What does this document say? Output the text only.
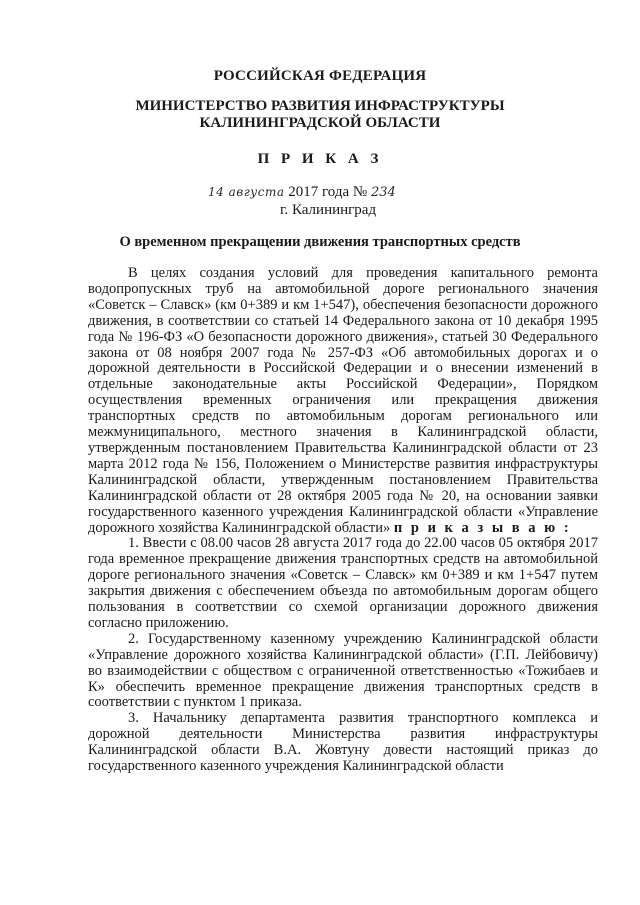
РОССИЙСКАЯ ФЕДЕРАЦИЯ
МИНИСТЕРСТВО РАЗВИТИЯ ИНФРАСТРУКТУРЫ
КАЛИНИНГРАДСКОЙ ОБЛАСТИ
П Р И К А З
14 августа 2017 года № 234
г. Калининград
О временном прекращении движения транспортных средств

В целях создания условий для проведения капитального ремонта водопропускных труб на автомобильной дороге регионального значения «Советск – Славск» (км 0+389 и км 1+547), обеспечения безопасности дорожного движения, в соответствии со статьей 14 Федерального закона от 10 декабря 1995 года № 196-ФЗ «О безопасности дорожного движения», статьей 30 Федерального закона от 08 ноября 2007 года № 257-ФЗ «Об автомобильных дорогах и о дорожной деятельности в Российской Федерации и о внесении изменений в отдельные законодательные акты Российской Федерации», Порядком осуществления временных ограничения или прекращения движения транспортных средств по автомобильным дорогам регионального или межмуниципального, местного значения в Калининградской области, утвержденным постановлением Правительства Калининградской области от 23 марта 2012 года № 156, Положением о Министерстве развития инфраструктуры Калининградской области, утвержденным постановлением Правительства Калининградской области от 28 октября 2005 года № 20, на основании заявки государственного казенного учреждения Калининградской области «Управление дорожного хозяйства Калининградской области» п р и к а з ы в а ю :

1. Ввести с 08.00 часов 28 августа 2017 года до 22.00 часов 05 октября 2017 года временное прекращение движения транспортных средств на автомобильной дороге регионального значения «Советск – Славск» км 0+389 и км 1+547 путем закрытия движения с обеспечением объезда по автомобильным дорогам общего пользования в соответствии со схемой организации дорожного движения согласно приложению.

2. Государственному казенному учреждению Калининградской области «Управление дорожного хозяйства Калининградской области» (Г.П. Лейбовичу) во взаимодействии с обществом с ограниченной ответственностью «Тожибаев и К» обеспечить временное прекращение движения транспортных средств в соответствии с пунктом 1 приказа.

3. Начальнику департамента развития транспортного комплекса и дорожной деятельности Министерства развития инфраструктуры Калининградской области В.А. Жовтуну довести настоящий приказ до государственного казенного учреждения Калининградской области
